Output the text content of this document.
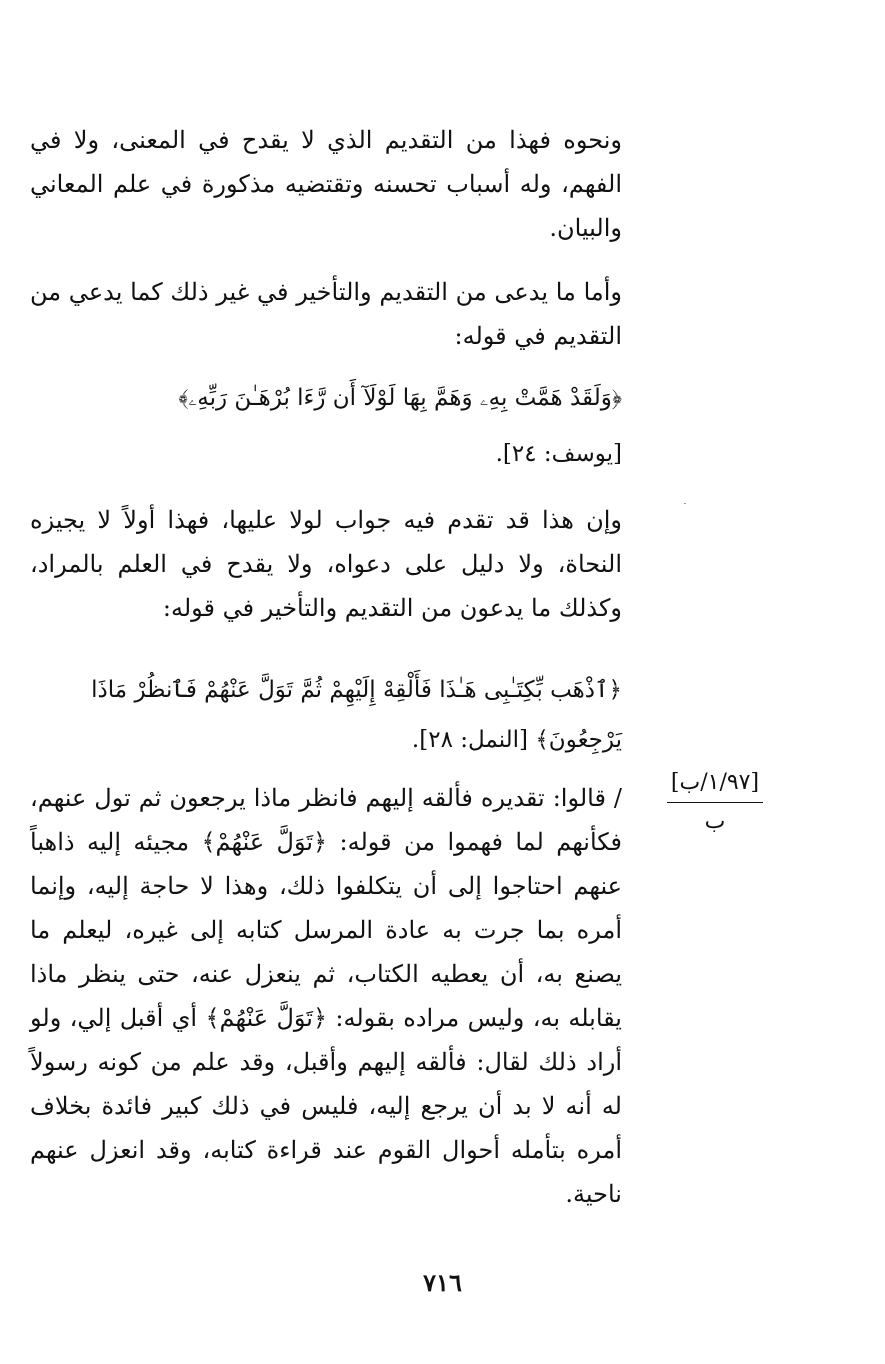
ونحوه فهذا من التقديم الذي لا يقدح في المعنى، ولا في الفهم، وله أسباب تحسنه وتقتضيه مذكورة في علم المعاني والبيان.

وأما ما يدعى من التقديم والتأخير في غير ذلك كما يدعي من التقديم في قوله:

﴿وَلَقَدْ هَمَّتْ بِهِۦ وَهَمَّ بِهَا لَوْلَآ أَن رَّءَا بُرْهَـٰنَ رَبِّهِۦ﴾

[يوسف: ٢٤].

وإن هذا قد تقدم فيه جواب لولا عليها، فهذا أولاً لا يجيزه النحاة، ولا دليل على دعواه، ولا يقدح في العلم بالمراد، وكذلك ما يدعون من التقديم والتأخير في قوله:

﴿ٱذْهَب بِّكِتَـٰبِى هَـٰذَا فَأَلْقِهْ إِلَيْهِمْ ثُمَّ تَوَلَّ عَنْهُمْ فَٱنظُرْ مَاذَا

يَرْجِعُونَ﴾ [النمل: ٢٨].

/ قالوا: تقديره فألقه إليهم فانظر ماذا يرجعون ثم تول عنهم، فكأنهم لما فهموا من قوله: ﴿تَوَلَّ عَنْهُمْ﴾ مجيئه إليه ذاهباً عنهم احتاجوا إلى أن يتكلفوا ذلك، وهذا لا حاجة إليه، وإنما أمره بما جرت به عادة المرسل كتابه إلى غيره، ليعلم ما يصنع به، أن يعطيه الكتاب، ثم ينعزل عنه، حتى ينظر ماذا يقابله به، وليس مراده بقوله: ﴿تَوَلَّ عَنْهُمْ﴾ أي أقبل إلي، ولو أراد ذلك لقال: فألقه إليهم وأقبل، وقد علم من كونه رسولاً له أنه لا بد أن يرجع إليه، فليس في ذلك كبير فائدة بخلاف أمره بتأمله أحوال القوم عند قراءة كتابه، وقد انعزل عنهم ناحية.

[١/٩٧/ب]
ب
٧١٦
